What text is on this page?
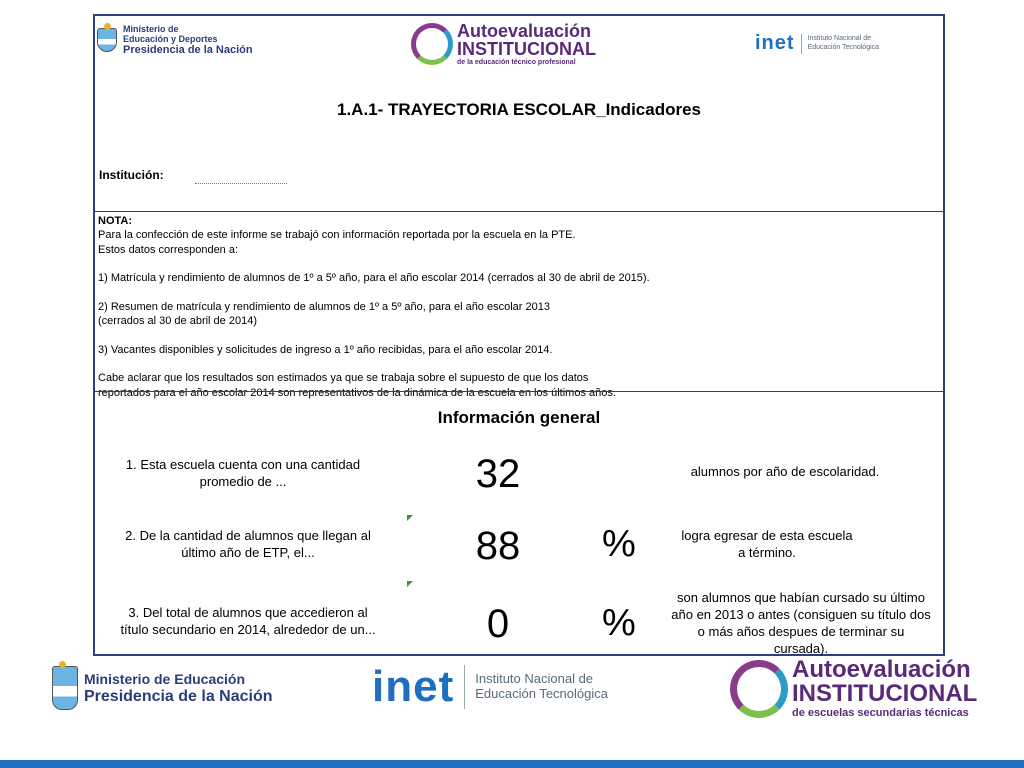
Ministerio de
Educación y Deportes
Presidencia de la Nación
Autoevaluación
INSTITUCIONAL
de la educación técnico profesional
inet Instituto Nacional de
Educación Tecnológica
1.A.1- TRAYECTORIA ESCOLAR_Indicadores
Institución:
NOTA:
Para la confección de este informe se trabajó con información reportada por la escuela en la PTE.
Estos datos corresponden a:

1) Matrícula y rendimiento de alumnos de 1º a 5º año, para el año escolar 2014 (cerrados al 30 de abril de 2015).

2) Resumen de matrícula y rendimiento de alumnos de 1º a 5º año, para el año escolar 2013
(cerrados al 30 de abril de 2014)

3) Vacantes disponibles y solicitudes de ingreso a 1º año recibidas, para el año escolar 2014.

Cabe aclarar que los resultados son estimados ya que se trabaja sobre el supuesto de que los datos
reportados para el año escolar 2014 son representativos de la dinámica de la escuela en los últimos años.
Información general
1. Esta escuela cuenta con una cantidad
promedio de ...	32	alumnos por año de escolaridad.
2. De la cantidad de alumnos que llegan al
último año de ETP, el...	88	%	logra egresar de esta escuela
a término.
3. Del total de alumnos que accedieron al
título secundario en 2014, alrededor de un...	0	%
son alumnos que habían cursado su último
año en 2013 o antes (consiguen su título dos
o más años despues de terminar su
cursada).
Ministerio de Educación
Presidencia de la Nación inet Instituto Nacional de
Educación Tecnológica
Autoevaluación
INSTITUCIONAL
de escuelas secundarias técnicas
